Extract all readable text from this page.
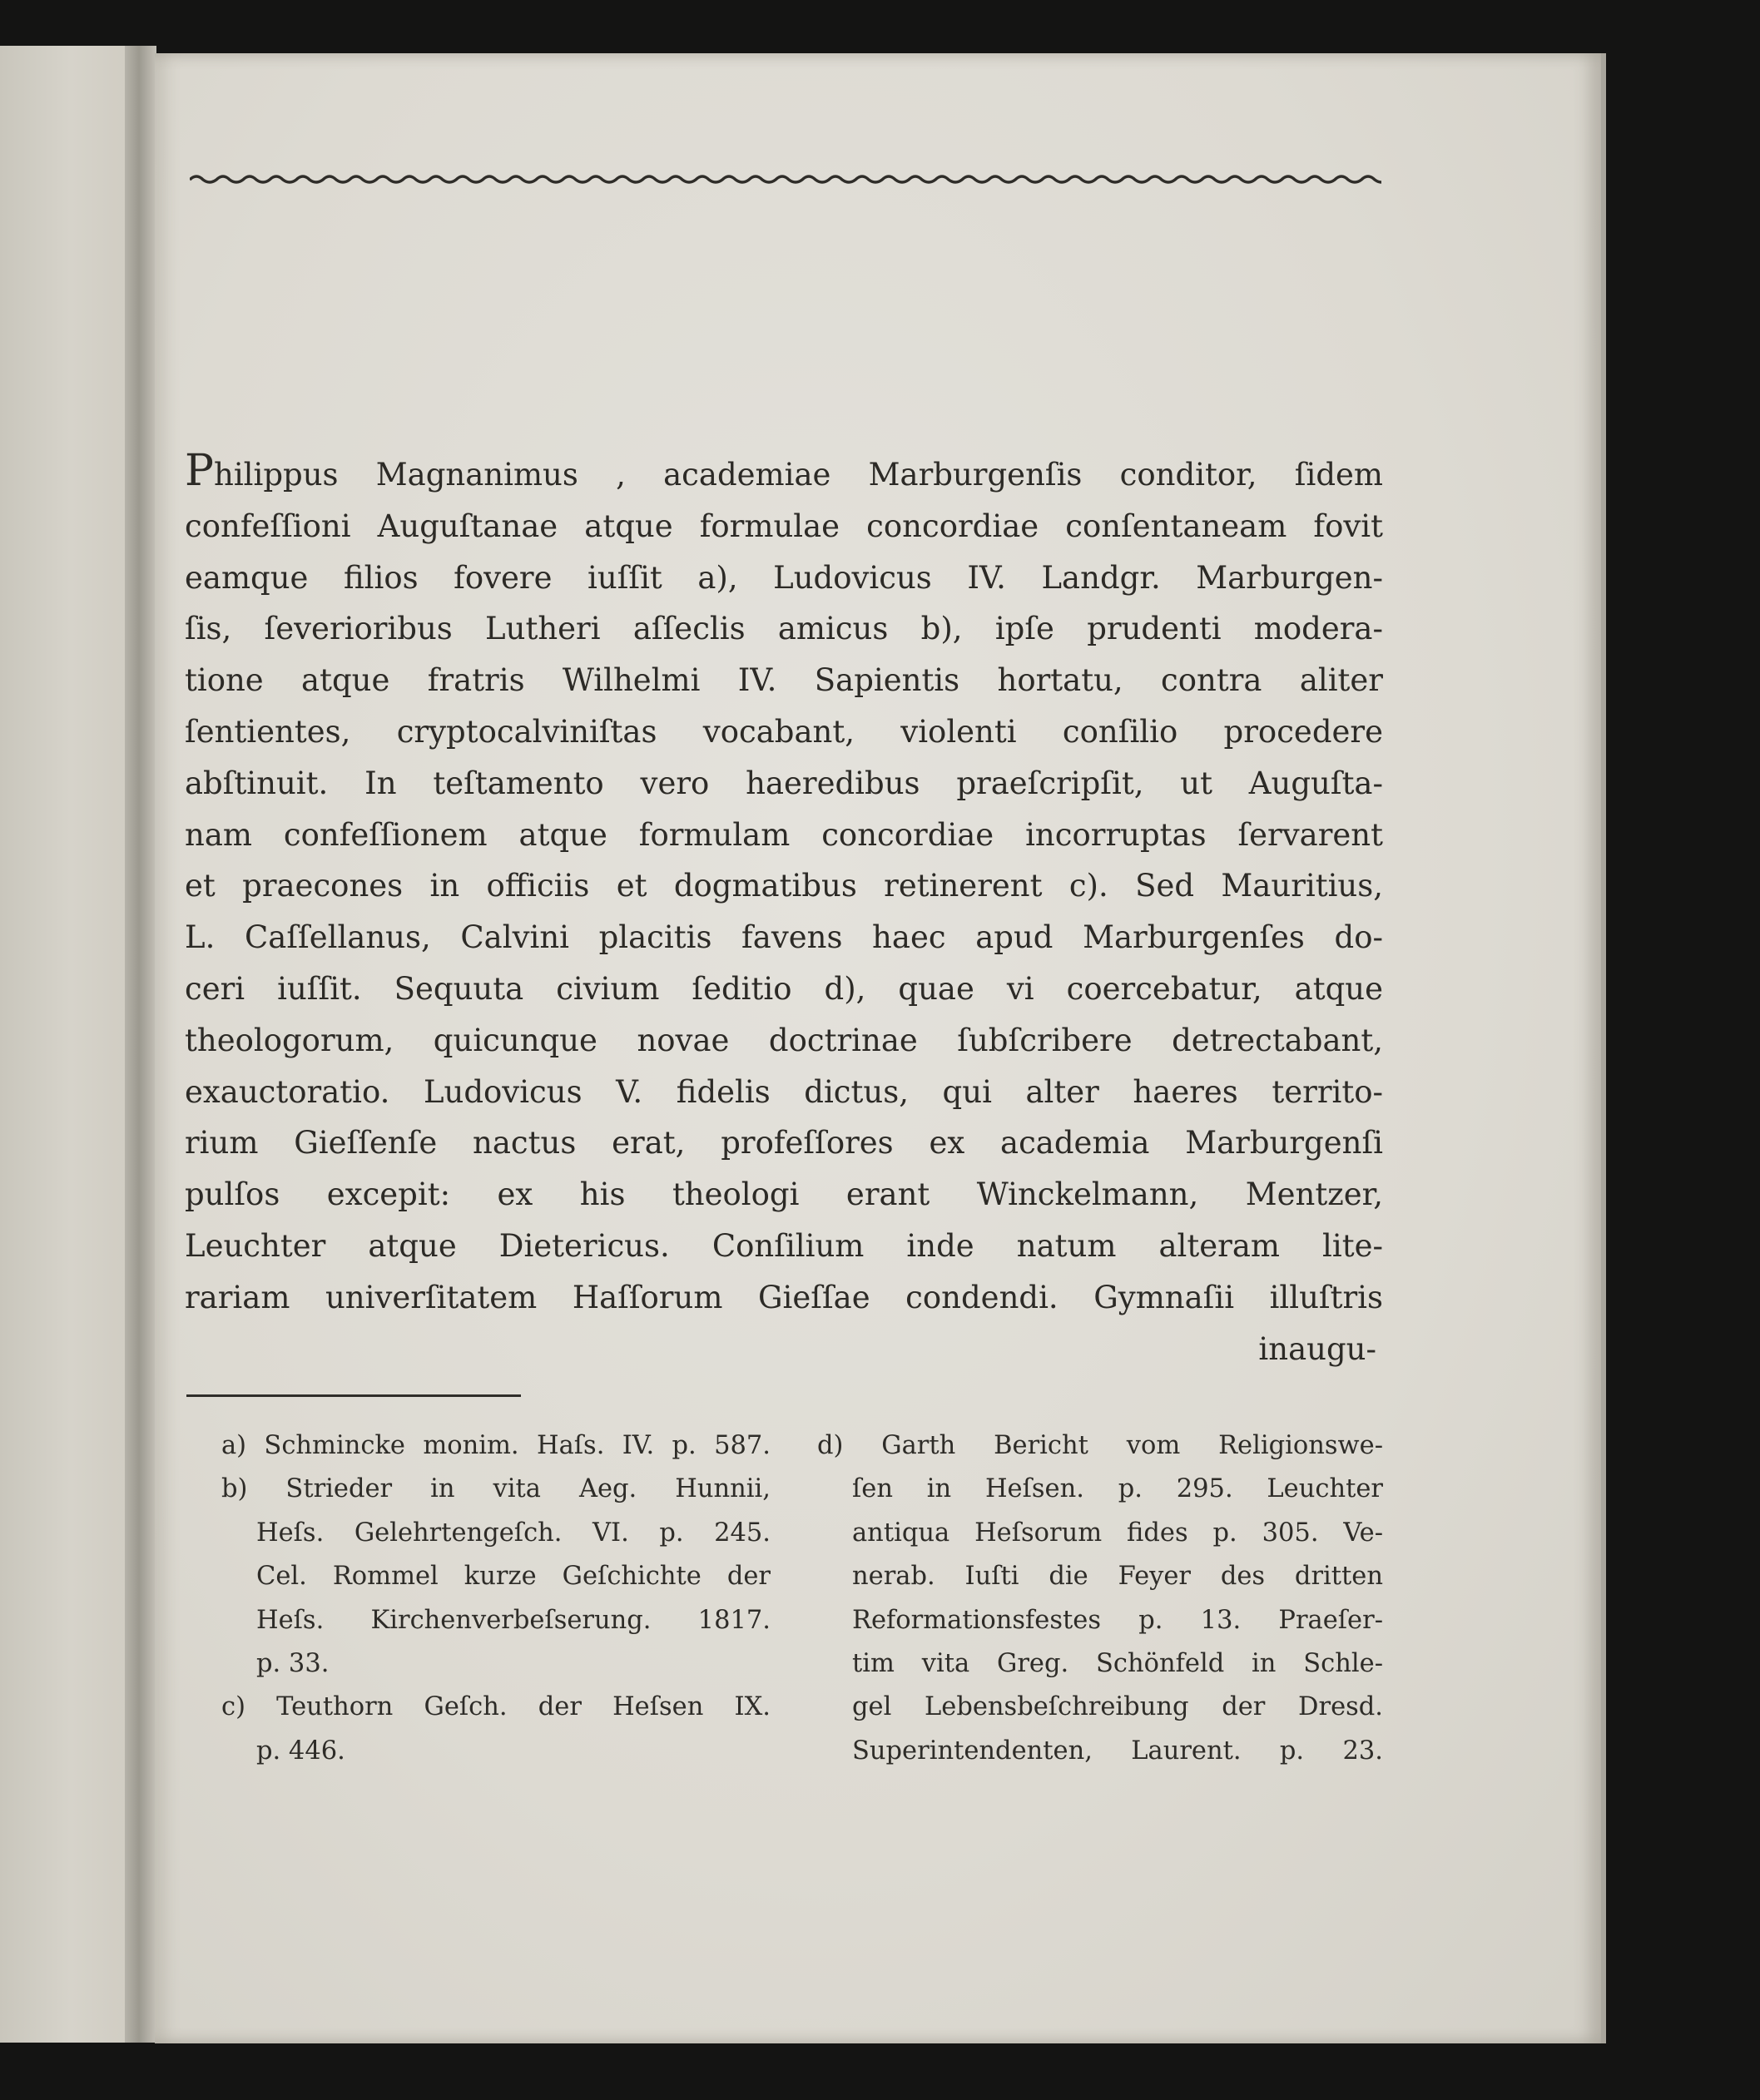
Philippus Magnanimus , academiae Marburgenſis conditor, ſidem
confeſſioni Auguſtanae atque formulae concordiae conſentaneam fovit
eamque filios fovere iuſſit a), Ludovicus IV. Landgr. Marburgen-
ſis, ſeverioribus Lutheri aſſeclis amicus b), ipſe prudenti modera-
tione atque fratris Wilhelmi IV. Sapientis hortatu, contra aliter
ſentientes, cryptocalviniſtas vocabant, violenti conſilio procedere
abſtinuit. In teſtamento vero haeredibus praeſcripſit, ut Auguſta-
nam confeſſionem atque formulam concordiae incorruptas ſervarent
et praecones in officiis et dogmatibus retinerent c). Sed Mauritius,
L. Caſſellanus, Calvini placitis favens haec apud Marburgenſes do-
ceri iuſſit. Sequuta civium ſeditio d), quae vi coercebatur, atque
theologorum, quicunque novae doctrinae ſubſcribere detrectabant,
exauctoratio. Ludovicus V. fidelis dictus, qui alter haeres territo-
rium Gieſſenſe nactus erat, profeſſores ex academia Marburgenſi
pulſos excepit: ex his theologi erant Winckelmann, Mentzer,
Leuchter atque Dietericus. Conſilium inde natum alteram lite-
rariam univerſitatem Haſſorum Gieſſae condendi. Gymnaſii illuſtris
inaugu-
a) Schmincke monim. Haſs. IV. p. 587.
b) Strieder in vita Aeg. Hunnii,
Heſs. Gelehrtengeſch. VI. p. 245.
Cel. Rommel kurze Geſchichte der
Heſs. Kirchenverbeſserung. 1817.
p. 33.
c) Teuthorn Geſch. der Heſsen IX.
p. 446.
d) Garth Bericht vom Religionswe-
ſen in Heſsen. p. 295. Leuchter
antiqua Heſsorum fides p. 305. Ve-
nerab. Iuſti die Feyer des dritten
Reformationsfestes p. 13. Praeſer-
tim vita Greg. Schönfeld in Schle-
gel Lebensbeſchreibung der Dresd.
Superintendenten, Laurent. p. 23.
